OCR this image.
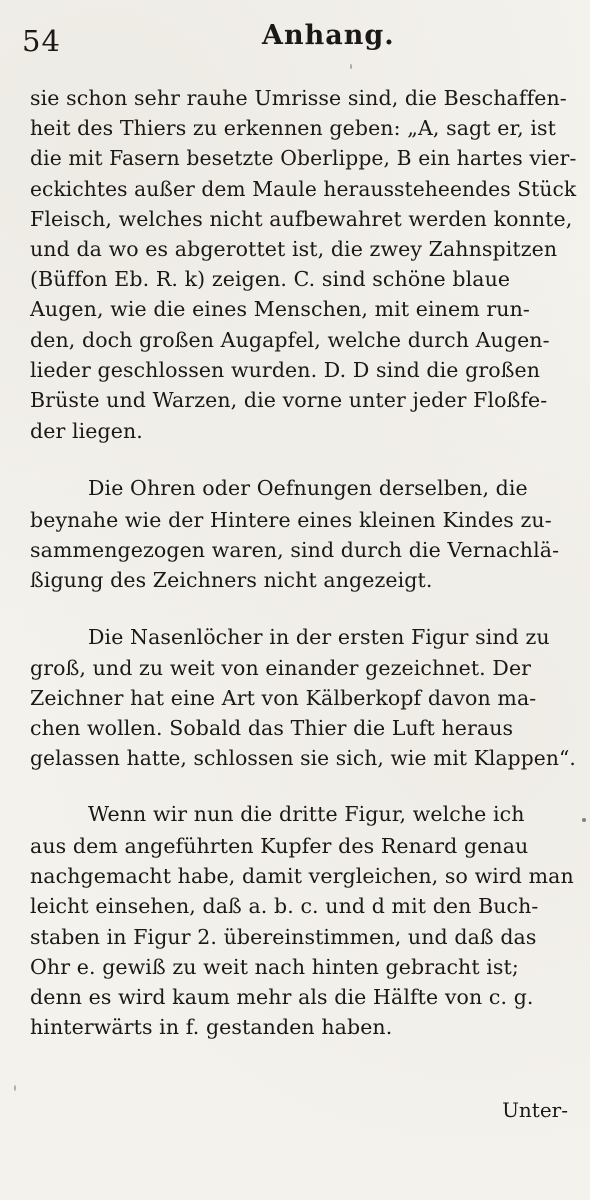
54	Anhang.
sie schon sehr rauhe Umrisse sind, die Beschaffen-
heit des Thiers zu erkennen geben: „A, sagt er, ist
die mit Fasern besetzte Oberlippe, B ein hartes vier-
eckichtes außer dem Maule heraussteheendes Stück
Fleisch, welches nicht aufbewahret werden konnte,
und da wo es abgerottet ist, die zwey Zahnspitzen
(Büffon Eb. R. k) zeigen. C. sind schöne blaue
Augen, wie die eines Menschen, mit einem run-
den, doch großen Augapfel, welche durch Augen-
lieder geschlossen wurden. D. D sind die großen
Brüste und Warzen, die vorne unter jeder Floßfe-
der liegen.
Die Ohren oder Oefnungen derselben, die
beynahe wie der Hintere eines kleinen Kindes zu-
sammengezogen waren, sind durch die Vernachlä-
ßigung des Zeichners nicht angezeigt.
Die Nasenlöcher in der ersten Figur sind zu
groß, und zu weit von einander gezeichnet. Der
Zeichner hat eine Art von Kälberkopf davon ma-
chen wollen. Sobald das Thier die Luft heraus
gelassen hatte, schlossen sie sich, wie mit Klappen“.
Wenn wir nun die dritte Figur, welche ich
aus dem angeführten Kupfer des Renard genau
nachgemacht habe, damit vergleichen, so wird man
leicht einsehen, daß a. b. c. und d mit den Buch-
staben in Figur 2. übereinstimmen, und daß das
Ohr e. gewiß zu weit nach hinten gebracht ist;
denn es wird kaum mehr als die Hälfte von c. g.
hinterwärts in f. gestanden haben.
Unter-
